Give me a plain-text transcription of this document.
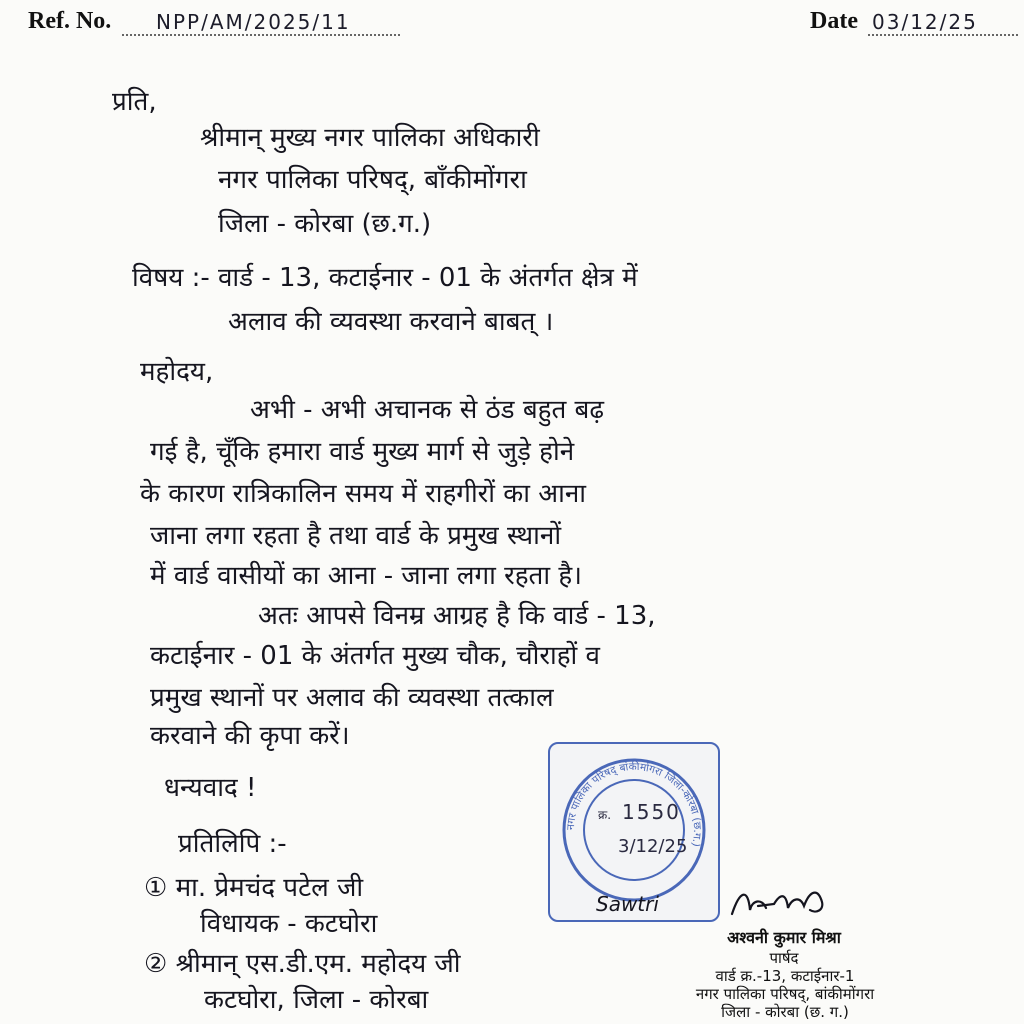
Ref. No. NPP/AM/2025/11	Date 03/12/25
प्रति,
श्रीमान् मुख्य नगर पालिका अधिकारी
नगर पालिका परिषद्, बाँकीमोंगरा
जिला - कोरबा (छ.ग.)
विषय :- वार्ड - 13, कटाईनार - 01 के अंतर्गत क्षेत्र में
अलाव की व्यवस्था करवाने बाबत् ।
महोदय,
अभी - अभी अचानक से ठंड बहुत बढ़
गई है, चूँकि हमारा वार्ड मुख्य मार्ग से जुड़े होने
के कारण रात्रिकालिन समय में राहगीरों का आना
जाना लगा रहता है तथा वार्ड के प्रमुख स्थानों
में वार्ड वासीयों का आना - जाना लगा रहता है।
अतः आपसे विनम्र आग्रह है कि वार्ड - 13,
कटाईनार - 01 के अंतर्गत मुख्य चौक, चौराहों व
प्रमुख स्थानों पर अलाव की व्यवस्था तत्काल
करवाने की कृपा करें।
धन्यवाद !
प्रतिलिपि :-
① मा. प्रेमचंद पटेल जी
विधायक - कटघोरा
② श्रीमान् एस.डी.एम. महोदय जी
कटघोरा, जिला - कोरबा
नगर पालिका परिषद् बांकीमोंगरा जिला-कोरबा (छ.ग.)
क्र. 1550
3/12/25
Sawtri
अश्वनी कुमार मिश्रा
पार्षद
वार्ड क्र.-13, कटाईनार-1
नगर पालिका परिषद्, बांकीमोंगरा
जिला - कोरबा (छ. ग.)
